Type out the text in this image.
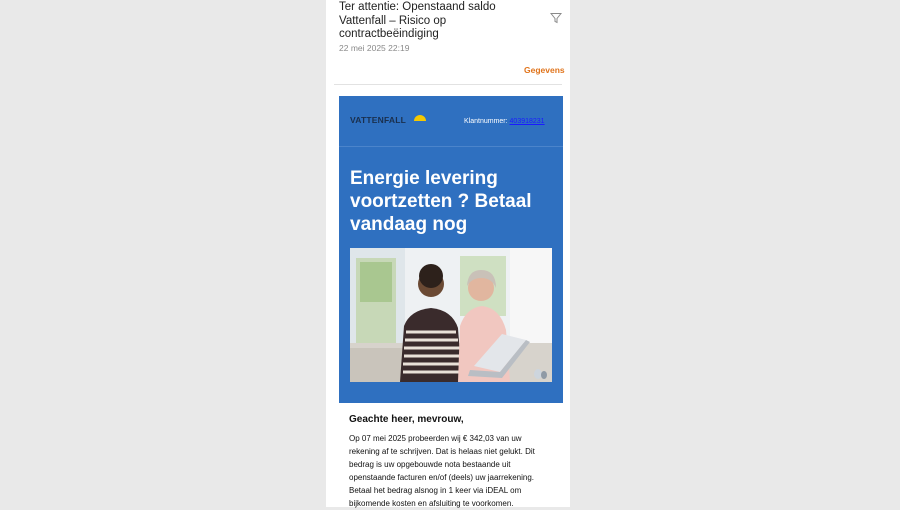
Ter attentie: Openstaand saldo Vattenfall – Risico op contractbeëindiging
22 mei 2025 22:19
Gegevens
VATTENFALL	Klantnummer: 403918231
Energie levering voortzetten ? Betaal vandaag nog

Geachte heer, mevrouw,

Op 07 mei 2025 probeerden wij € 342,03 van uw rekening af te schrijven. Dat is helaas niet gelukt. Dit bedrag is uw opgebouwde nota bestaande uit openstaande facturen en/of (deels) uw jaarrekening. Betaal het bedrag alsnog in 1 keer via iDEAL om bijkomende kosten en afsluiting te voorkomen.
